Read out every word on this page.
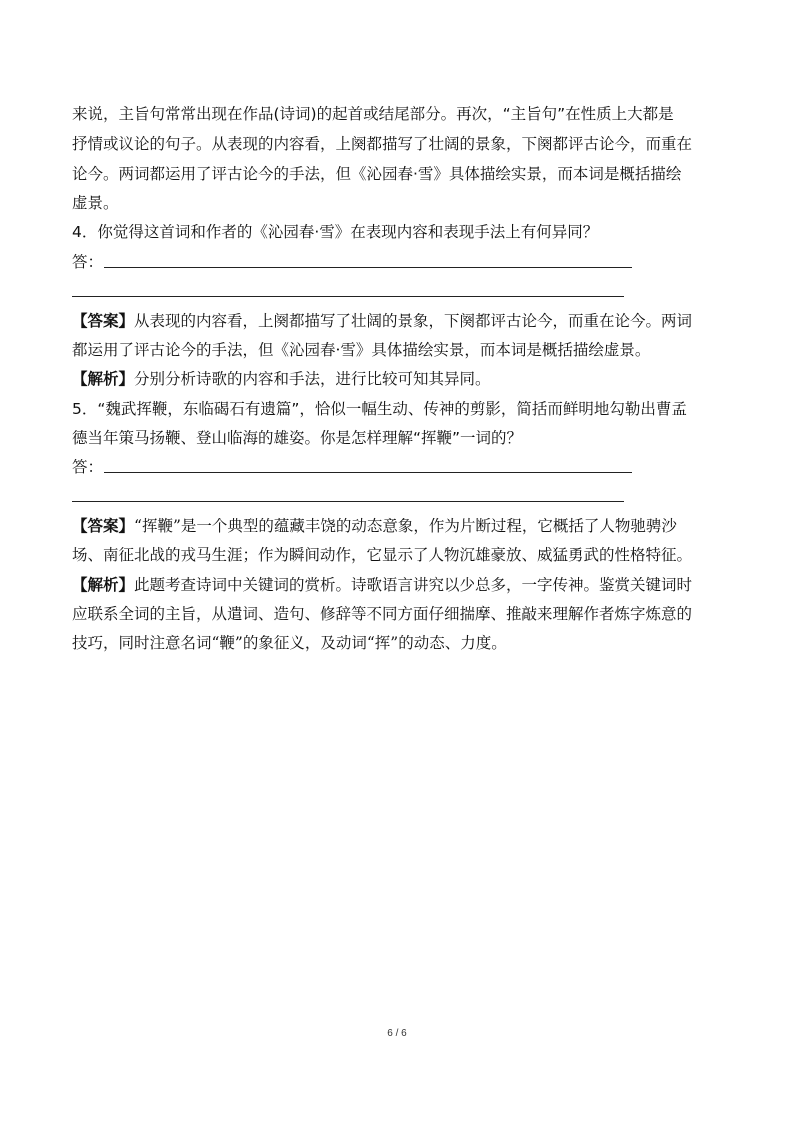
来说，主旨句常常出现在作品(诗词)的起首或结尾部分。再次，“主旨句”在性质上大都是
抒情或议论的句子。从表现的内容看，上阕都描写了壮阔的景象，下阕都评古论今，而重在
论今。两词都运用了评古论今的手法，但《沁园春·雪》具体描绘实景，而本词是概括描绘
虚景。
4．你觉得这首词和作者的《沁园春·雪》在表现内容和表现手法上有何异同？
答：
【答案】从表现的内容看，上阕都描写了壮阔的景象，下阕都评古论今，而重在论今。两词
都运用了评古论今的手法，但《沁园春·雪》具体描绘实景，而本词是概括描绘虚景。
【解析】分别分析诗歌的内容和手法，进行比较可知其异同。
5．“魏武挥鞭，东临碣石有遗篇”，恰似一幅生动、传神的剪影，简括而鲜明地勾勒出曹孟
德当年策马扬鞭、登山临海的雄姿。你是怎样理解“挥鞭”一词的？
答：
【答案】“挥鞭”是一个典型的蕴藏丰饶的动态意象，作为片断过程，它概括了人物驰骋沙
场、南征北战的戎马生涯；作为瞬间动作，它显示了人物沉雄豪放、威猛勇武的性格特征。
【解析】此题考查诗词中关键词的赏析。诗歌语言讲究以少总多，一字传神。鉴赏关键词时
应联系全词的主旨，从遣词、造句、修辞等不同方面仔细揣摩、推敲来理解作者炼字炼意的
技巧，同时注意名词“鞭”的象征义，及动词“挥”的动态、力度。
6 / 6
